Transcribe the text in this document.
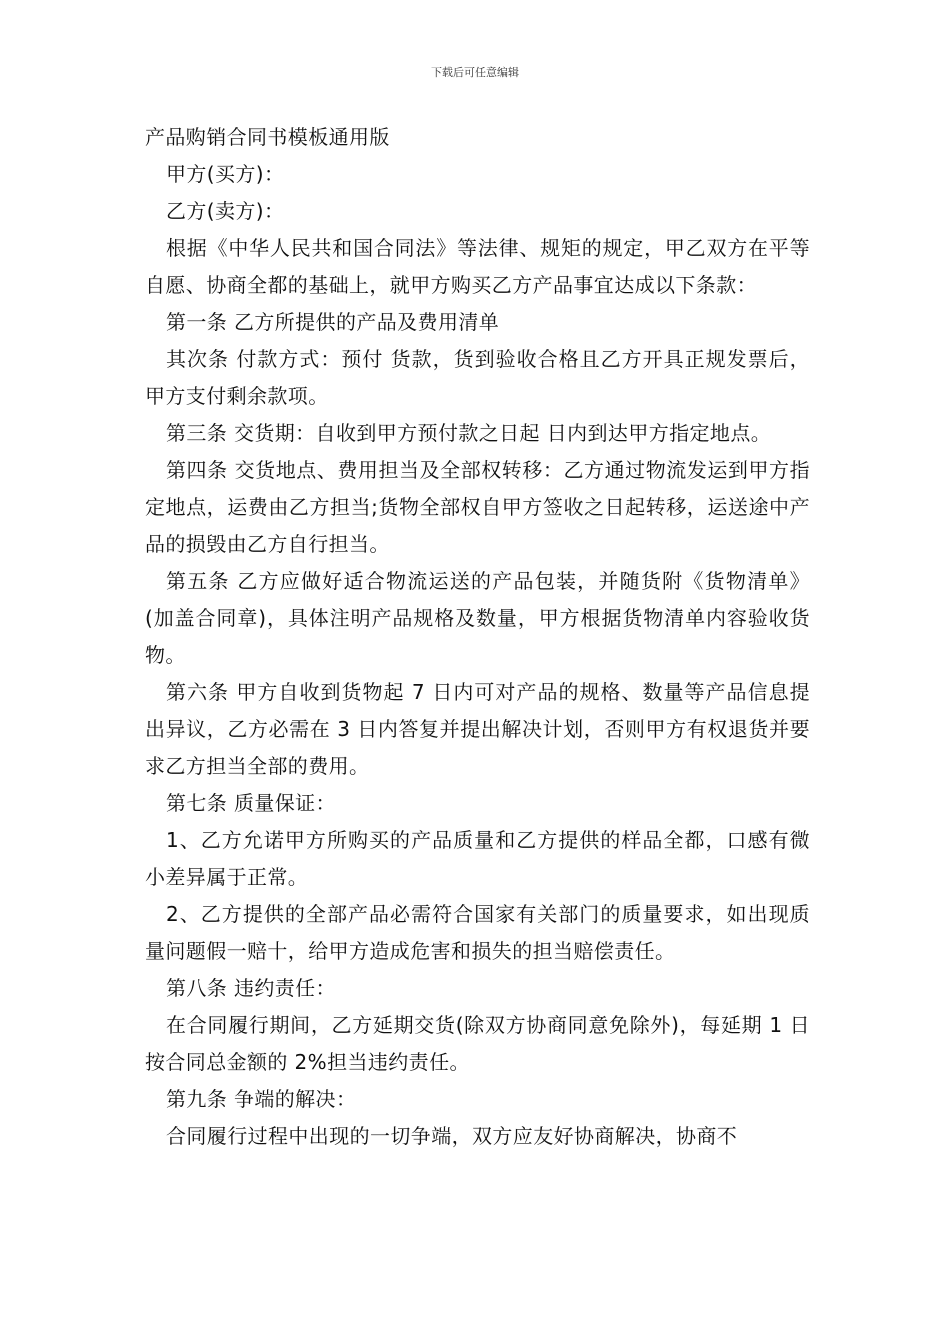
下载后可任意编辑

产品购销合同书模板通用版

甲方(买方)：

乙方(卖方)：

根据《中华人民共和国合同法》等法律、规矩的规定，甲乙双方在平等自愿、协商全都的基础上，就甲方购买乙方产品事宜达成以下条款：

第一条 乙方所提供的产品及费用清单

其次条 付款方式：预付 货款，货到验收合格且乙方开具正规发票后，甲方支付剩余款项。

第三条 交货期：自收到甲方预付款之日起 日内到达甲方指定地点。

第四条 交货地点、费用担当及全部权转移：乙方通过物流发运到甲方指定地点，运费由乙方担当;货物全部权自甲方签收之日起转移，运送途中产品的损毁由乙方自行担当。

第五条 乙方应做好适合物流运送的产品包装，并随货附《货物清单》(加盖合同章)，具体注明产品规格及数量，甲方根据货物清单内容验收货物。

第六条 甲方自收到货物起 7 日内可对产品的规格、数量等产品信息提出异议，乙方必需在 3 日内答复并提出解决计划，否则甲方有权退货并要求乙方担当全部的费用。

第七条 质量保证：

1、乙方允诺甲方所购买的产品质量和乙方提供的样品全都，口感有微小差异属于正常。

2、乙方提供的全部产品必需符合国家有关部门的质量要求，如出现质量问题假一赔十，给甲方造成危害和损失的担当赔偿责任。

第八条 违约责任：

在合同履行期间，乙方延期交货(除双方协商同意免除外)，每延期 1 日按合同总金额的 2%担当违约责任。

第九条 争端的解决：

合同履行过程中出现的一切争端，双方应友好协商解决，协商不
